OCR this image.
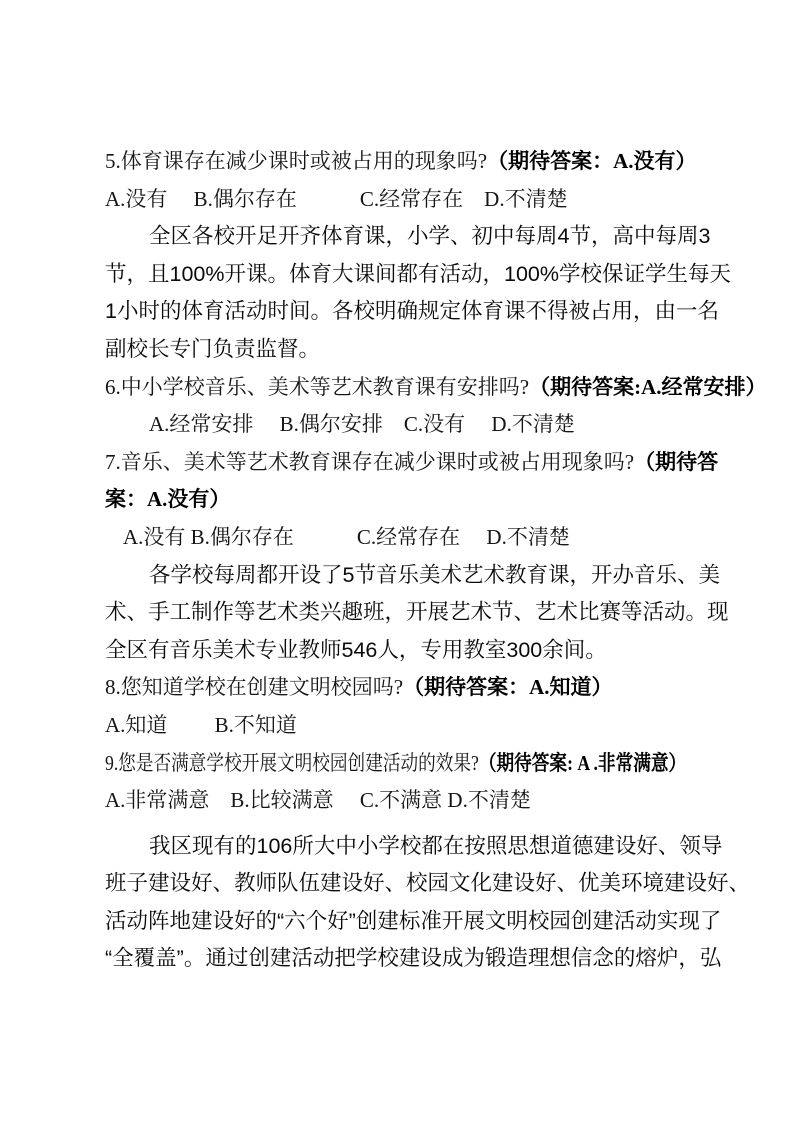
5.体育课存在减少课时或被占用的现象吗?（期待答案：A.没有）
A.没有　 B.偶尔存在　　　C.经常存在　D.不清楚
全区各校开足开齐体育课，小学、初中每周4节，高中每周3
节，且100%开课。体育大课间都有活动，100%学校保证学生每天
1小时的体育活动时间。各校明确规定体育课不得被占用，由一名
副校长专门负责监督。
6.中小学校音乐、美术等艺术教育课有安排吗?（期待答案:A.经常安排）
A.经常安排　 B.偶尔安排　C.没有　 D.不清楚
7.音乐、美术等艺术教育课存在减少课时或被占用现象吗?（期待答
案：A.没有）
A.没有 B.偶尔存在　　　C.经常存在　 D.不清楚
各学校每周都开设了5节音乐美术艺术教育课，开办音乐、美
术、手工制作等艺术类兴趣班，开展艺术节、艺术比赛等活动。现
全区有音乐美术专业教师546人，专用教室300余间。
8.您知道学校在创建文明校园吗?（期待答案：A.知道）
A.知道　　 B.不知道
9.您是否满意学校开展文明校园创建活动的效果?（期待答案: A .非常满意）
A.非常满意　B.比较满意　 C.不满意 D.不清楚
我区现有的106所大中小学校都在按照思想道德建设好、领导
班子建设好、教师队伍建设好、校园文化建设好、优美环境建设好、
活动阵地建设好的“六个好”创建标准开展文明校园创建活动实现了
“全覆盖”。通过创建活动把学校建设成为锻造理想信念的熔炉，弘
